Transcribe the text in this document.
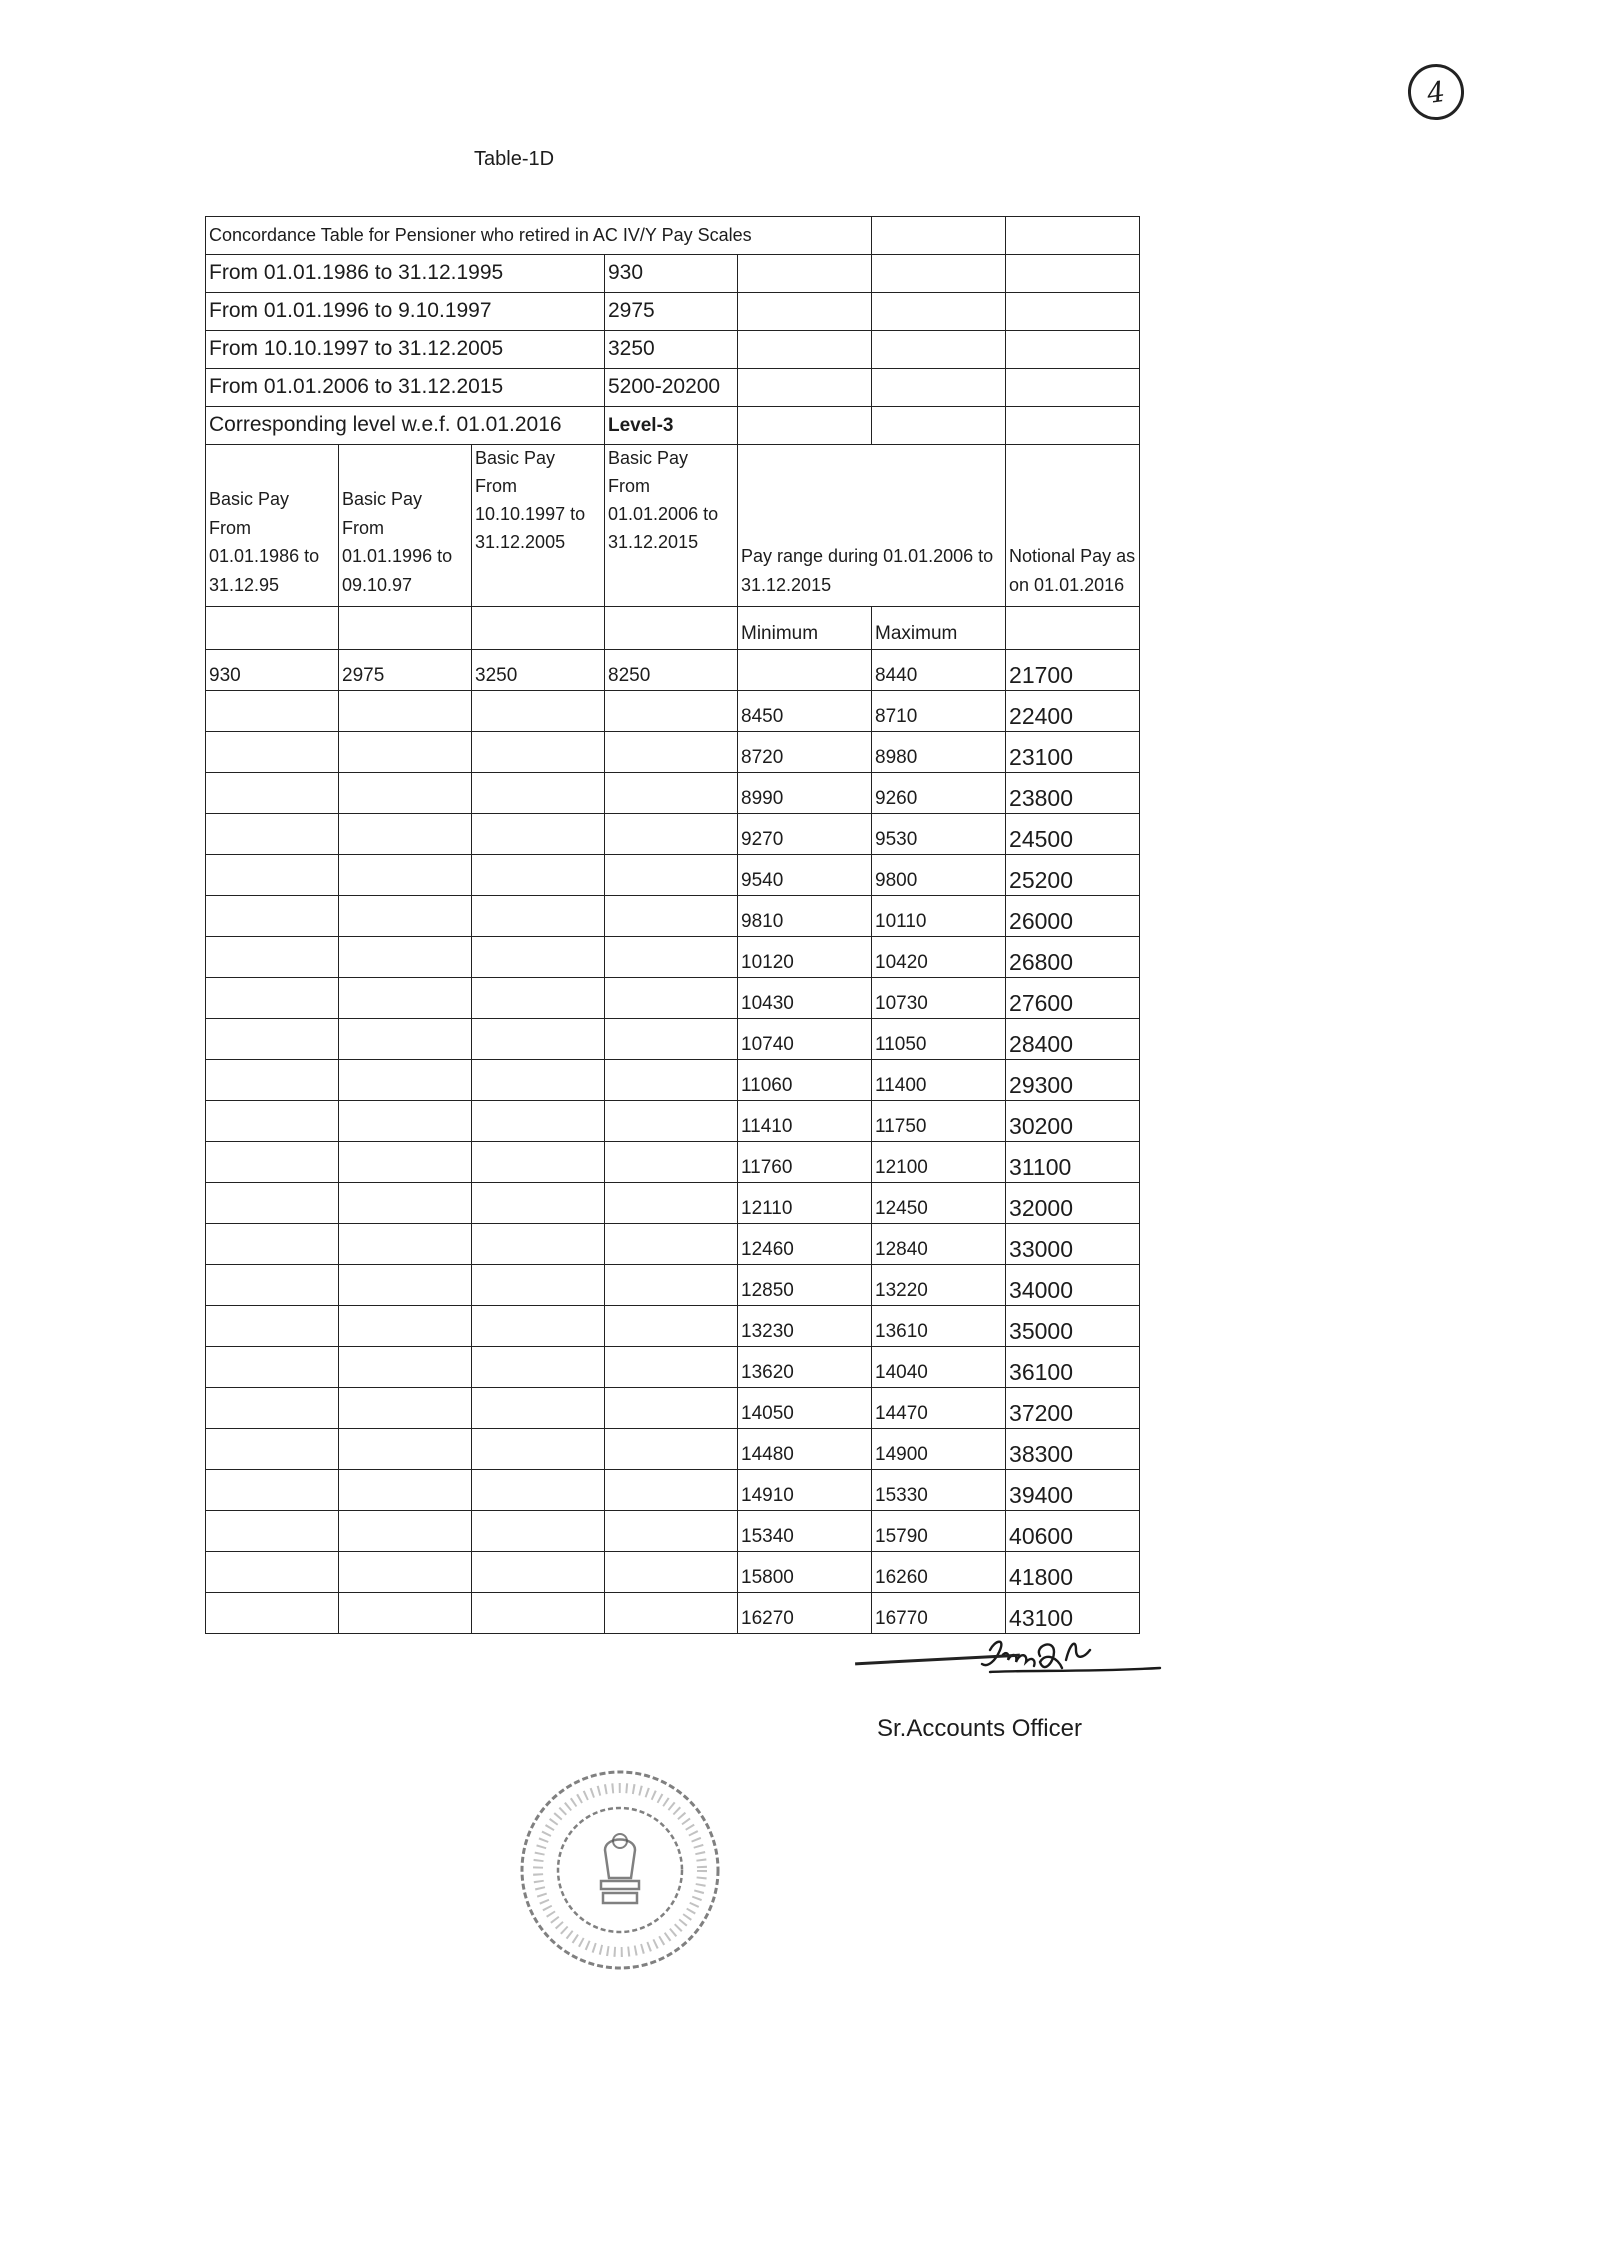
4
Table-1D
Concordance Table for Pensioner who retired in AC IV/Y Pay Scales						
From 01.01.1986 to 31.12.1995			930			
From 01.01.1996 to 9.10.1997			2975			
From 10.10.1997 to 31.12.2005			3250			
From 01.01.2006 to 31.12.2015			5200-20200			
Corresponding level w.e.f. 01.01.2016			Level-3			
Basic Pay From 01.01.1986 to 31.12.95	Basic Pay From 01.01.1996 to 09.10.97	Basic Pay From 10.10.1997 to 31.12.2005	Basic Pay From 01.01.2006 to 31.12.2015	Pay range during 01.01.2006 to 31.12.2015		Notional Pay as on 01.01.2016
				Minimum	Maximum	
930	2975	3250	8250		8440	21700
				8450	8710	22400
				8720	8980	23100
				8990	9260	23800
				9270	9530	24500
				9540	9800	25200
				9810	10110	26000
				10120	10420	26800
				10430	10730	27600
				10740	11050	28400
				11060	11400	29300
				11410	11750	30200
				11760	12100	31100
				12110	12450	32000
				12460	12840	33000
				12850	13220	34000
				13230	13610	35000
				13620	14040	36100
				14050	14470	37200
				14480	14900	38300
				14910	15330	39400
				15340	15790	40600
				15800	16260	41800
				16270	16770	43100
Sr.Accounts Officer
